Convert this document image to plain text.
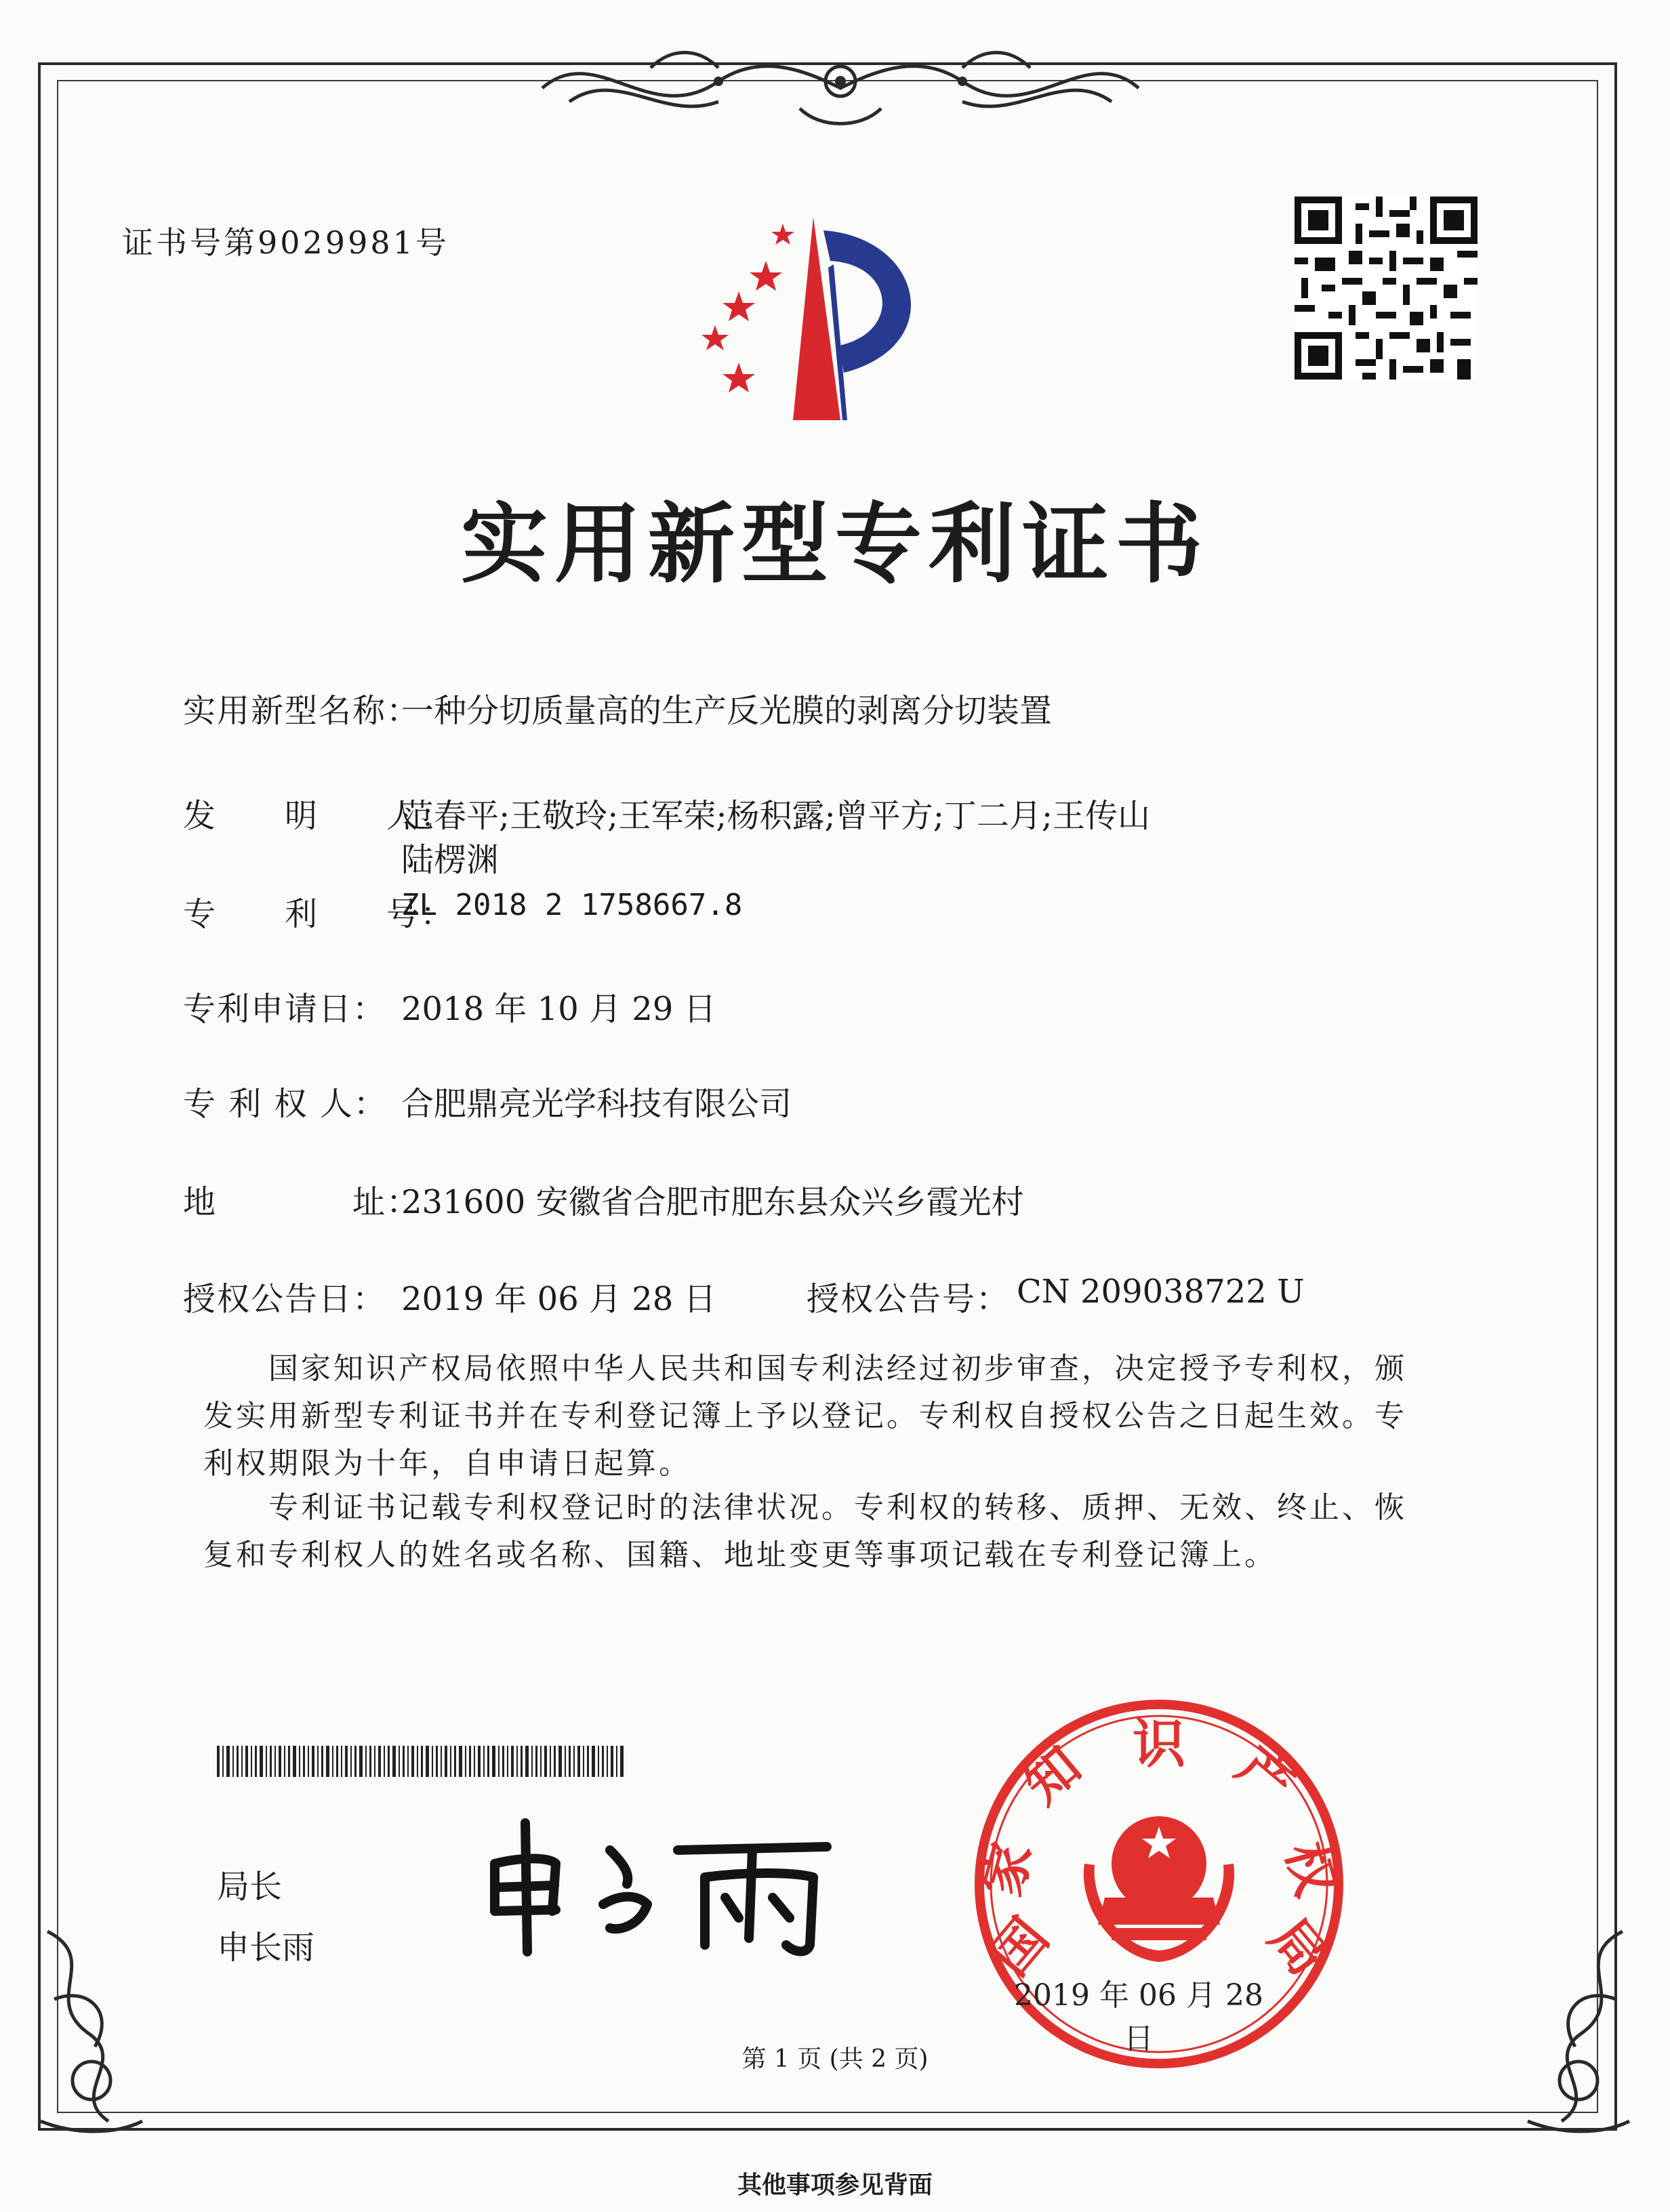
证书号第9029981号
实用新型专利证书
实用新型名称：
一种分切质量高的生产反光膜的剥离分切装置
发　　明　　人：
范春平;王敬玲;王军荣;杨积露;曾平方;丁二月;王传山
陆楞渊
专　　利　　号：
ZL 2018 2 1758667.8
专利申请日： 2018 年 10 月 29 日
专 利 权 人： 合肥鼎亮光学科技有限公司
地　　　　址：
231600 安徽省合肥市肥东县众兴乡霞光村
授权公告日： 2019 年 06 月 28 日	授权公告号： CN 209038722 U
国家知识产权局依照中华人民共和国专利法经过初步审查，决定授予专利权，颁发实用新型专利证书并在专利登记簿上予以登记。专利权自授权公告之日起生效。专利权期限为十年，自申请日起算。
专利证书记载专利权登记时的法律状况。专利权的转移、质押、无效、终止、恢复和专利权人的姓名或名称、国籍、地址变更等事项记载在专利登记簿上。
局长
申长雨	国
家
知 识 产
权
局
2019 年 06 月 28 日
第 1 页 (共 2 页)
其他事项参见背面
